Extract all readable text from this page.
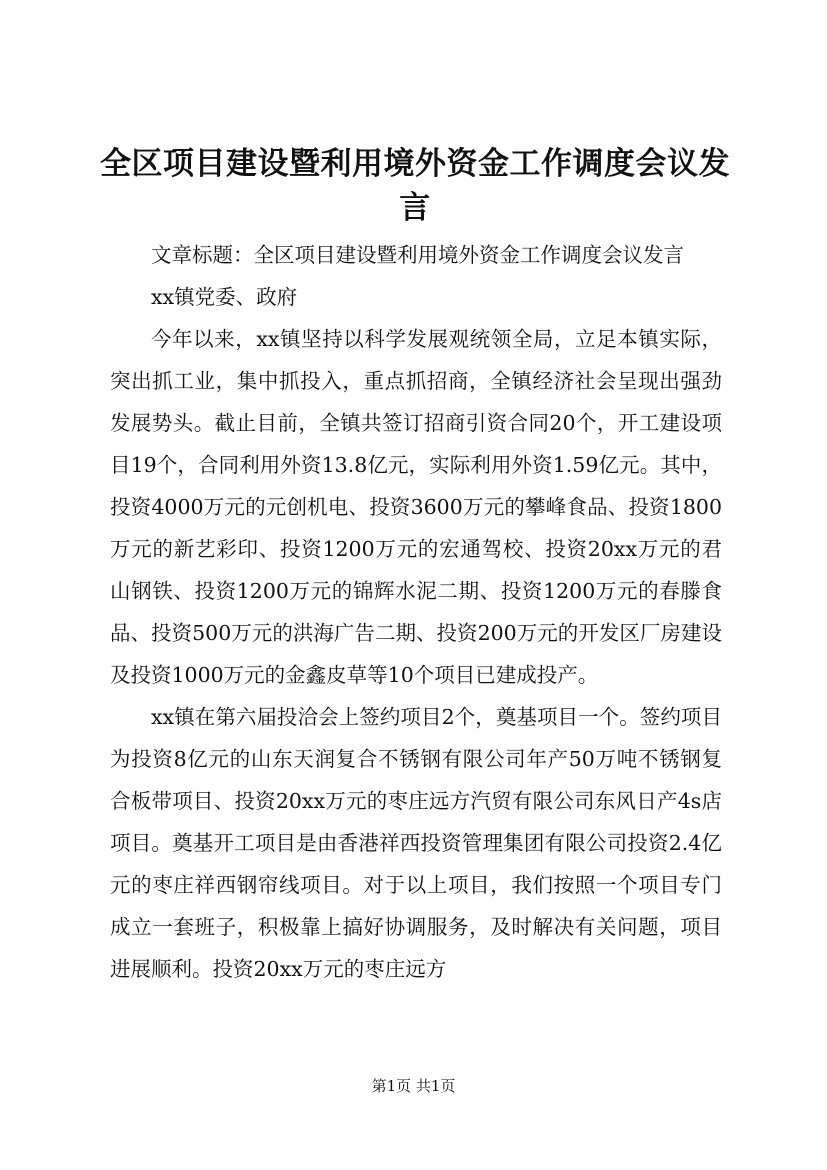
全区项目建设暨利用境外资金工作调度会议发言

文章标题：全区项目建设暨利用境外资金工作调度会议发言

xx镇党委、政府

今年以来，xx镇坚持以科学发展观统领全局，立足本镇实际，突出抓工业，集中抓投入，重点抓招商，全镇经济社会呈现出强劲发展势头。截止目前，全镇共签订招商引资合同20个，开工建设项目19个，合同利用外资13.8亿元，实际利用外资1.59亿元。其中，投资4000万元的元创机电、投资3600万元的攀峰食品、投资1800万元的新艺彩印、投资1200万元的宏通驾校、投资20xx万元的君山钢铁、投资1200万元的锦辉水泥二期、投资1200万元的春滕食品、投资500万元的洪海广告二期、投资200万元的开发区厂房建设及投资1000万元的金鑫皮草等10个项目已建成投产。

xx镇在第六届投洽会上签约项目2个，奠基项目一个。签约项目为投资8亿元的山东天润复合不锈钢有限公司年产50万吨不锈钢复合板带项目、投资20xx万元的枣庄远方汽贸有限公司东风日产4s店项目。奠基开工项目是由香港祥西投资管理集团有限公司投资2.4亿元的枣庄祥西钢帘线项目。对于以上项目，我们按照一个项目专门成立一套班子，积极靠上搞好协调服务，及时解决有关问题，项目进展顺利。投资20xx万元的枣庄远方

第1页 共1页
